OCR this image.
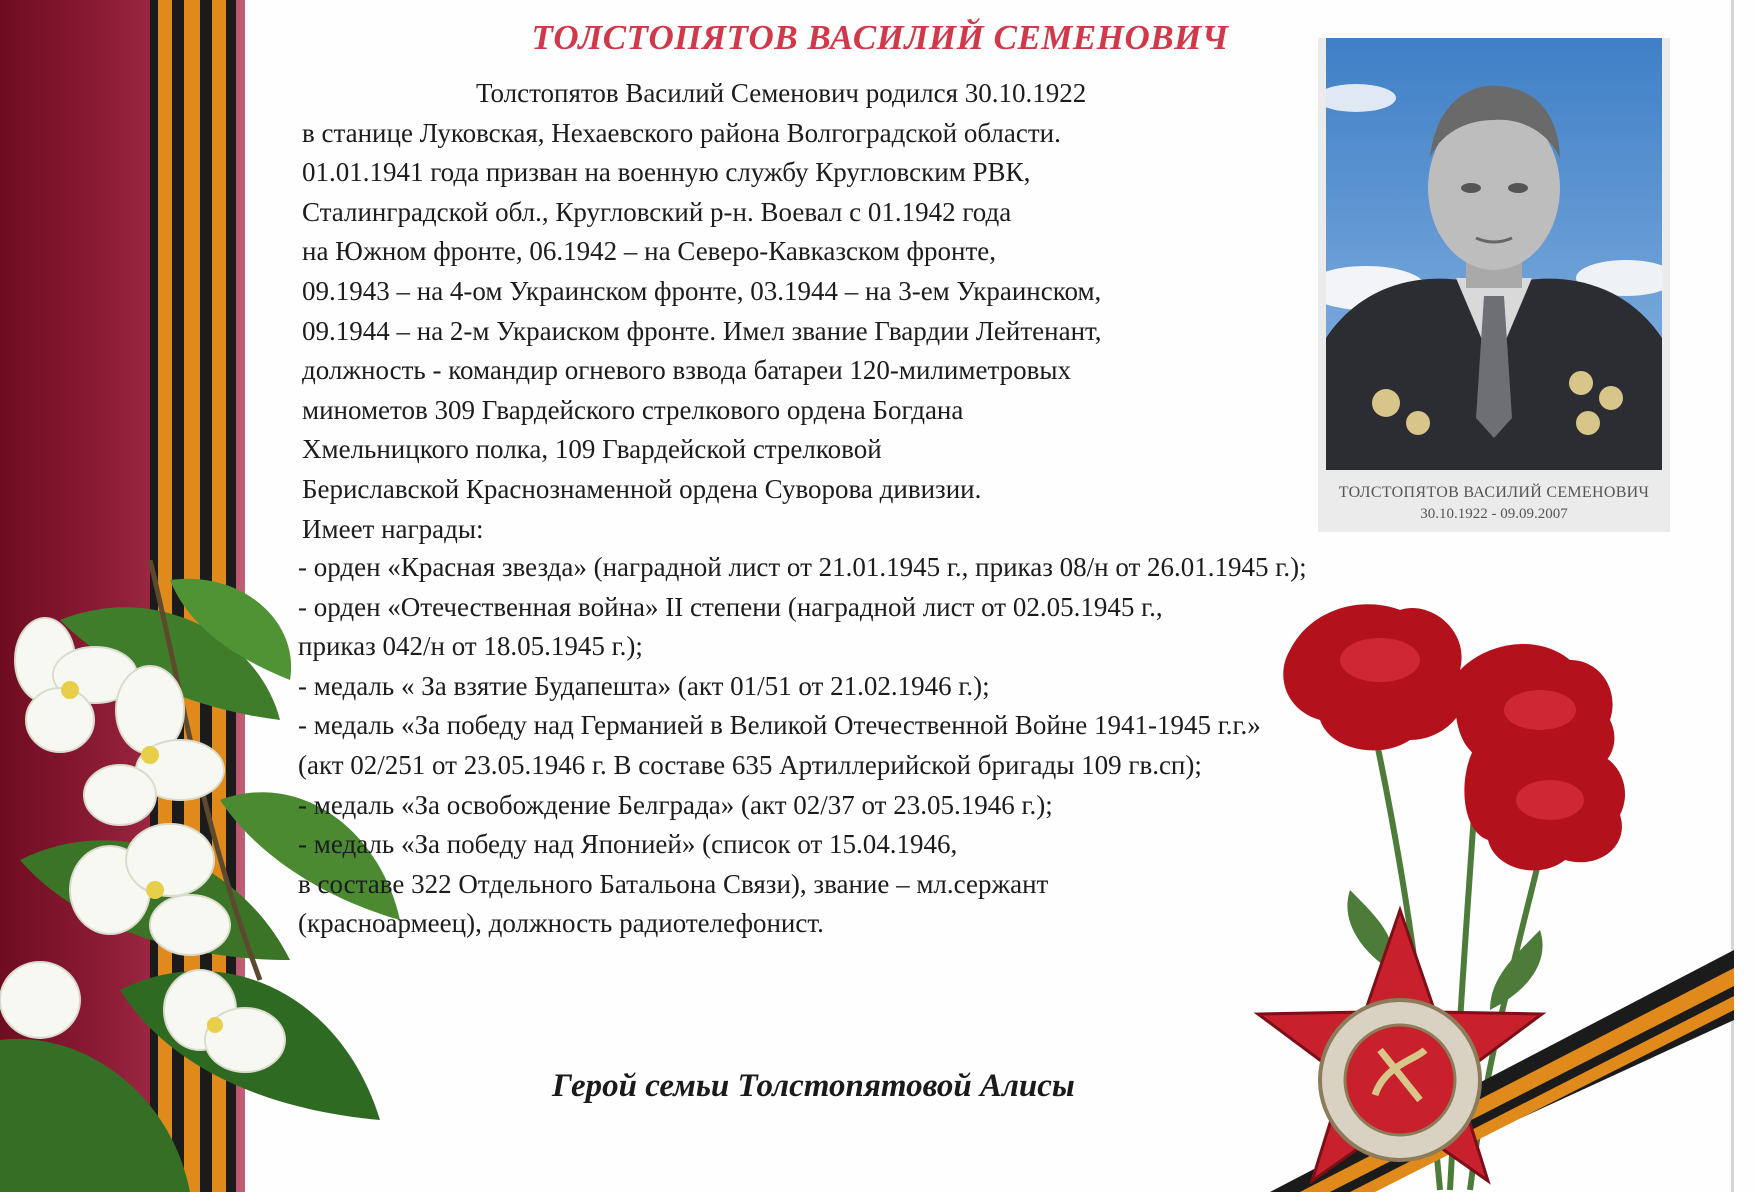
ТОЛСТОПЯТОВ ВАСИЛИЙ СЕМЕНОВИЧ

Толстопятов Василий Семенович родился 30.10.1922

в станице Луковская, Нехаевского района Волгоградской области.

01.01.1941 года призван на военную службу Кругловским РВК,

Сталинградской обл., Кругловский р-н. Воевал с 01.1942 года

на Южном фронте, 06.1942 – на Северо-Кавказском фронте,

09.1943 – на 4-ом Украинском фронте, 03.1944 – на 3-ем Украинском,

09.1944 – на 2-м Украиском фронте. Имел звание Гвардии Лейтенант,

должность - командир огневого взвода батареи 120-милиметровых

минометов 309 Гвардейского стрелкового ордена Богдана

Хмельницкого полка, 109 Гвардейской стрелковой

Бериславской Краснознаменной ордена Суворова дивизии.

Имеет награды:

ТОЛСТОПЯТОВ ВАСИЛИЙ СЕМЕНОВИЧ
30.10.1922 - 09.09.2007

- орден «Красная звезда» (наградной лист от 21.01.1945 г., приказ 08/н от 26.01.1945 г.);

- орден «Отечественная война» II степени (наградной лист от 02.05.1945 г.,

приказ 042/н от 18.05.1945 г.);

- медаль « За взятие Будапешта» (акт 01/51 от 21.02.1946 г.);

- медаль «За победу над Германией в Великой Отечественной Войне 1941-1945 г.г.»

(акт 02/251 от 23.05.1946 г. В составе 635 Артиллерийской бригады 109 гв.сп);

- медаль «За освобождение Белграда» (акт 02/37 от 23.05.1946 г.);

- медаль «За победу над Японией» (список от 15.04.1946,

в составе 322 Отдельного Батальона Связи), звание – мл.сержант

(красноармеец), должность радиотелефонист.

Герой семьи Толстопятовой Алисы
